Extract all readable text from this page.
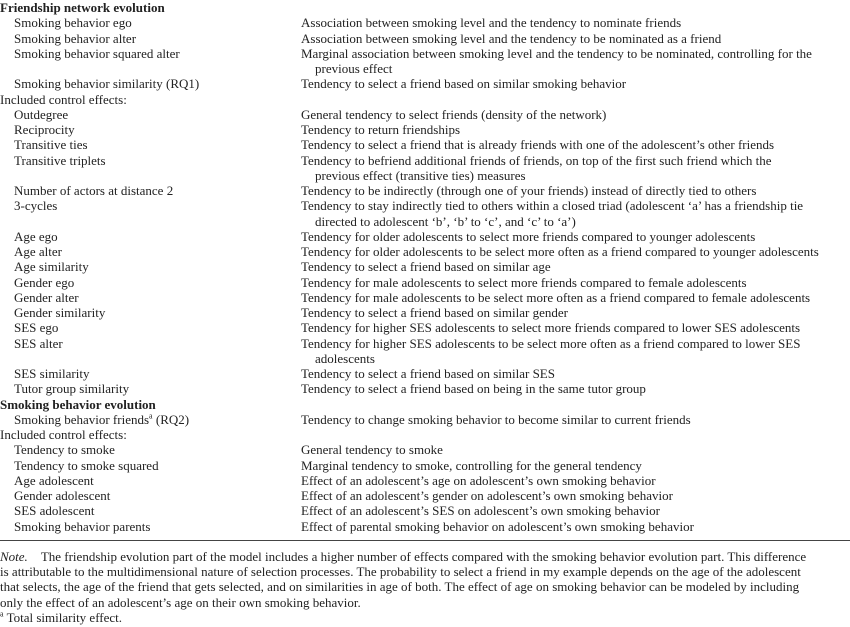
Friendship network evolution
Smoking behavior ego	Association between smoking level and the tendency to nominate friends
Smoking behavior alter	Association between smoking level and the tendency to be nominated as a friend
Smoking behavior squared alter	Marginal association between smoking level and the tendency to be nominated, controlling for the
previous effect
Smoking behavior similarity (RQ1)	Tendency to select a friend based on similar smoking behavior
Included control effects:
Outdegree	General tendency to select friends (density of the network)
Reciprocity	Tendency to return friendships
Transitive ties	Tendency to select a friend that is already friends with one of the adolescent’s other friends
Transitive triplets	Tendency to befriend additional friends of friends, on top of the first such friend which the
previous effect (transitive ties) measures
Number of actors at distance 2	Tendency to be indirectly (through one of your friends) instead of directly tied to others
3-cycles	Tendency to stay indirectly tied to others within a closed triad (adolescent ‘a’ has a friendship tie
directed to adolescent ‘b’, ‘b’ to ‘c’, and ‘c’ to ‘a’)
Age ego	Tendency for older adolescents to select more friends compared to younger adolescents
Age alter	Tendency for older adolescents to be select more often as a friend compared to younger adolescents
Age similarity	Tendency to select a friend based on similar age
Gender ego	Tendency for male adolescents to select more friends compared to female adolescents
Gender alter	Tendency for male adolescents to be select more often as a friend compared to female adolescents
Gender similarity	Tendency to select a friend based on similar gender
SES ego	Tendency for higher SES adolescents to select more friends compared to lower SES adolescents
SES alter	Tendency for higher SES adolescents to be select more often as a friend compared to lower SES
adolescents
SES similarity	Tendency to select a friend based on similar SES
Tutor group similarity	Tendency to select a friend based on being in the same tutor group
Smoking behavior evolution
Smoking behavior friends$^a$ (RQ2)	Tendency to change smoking behavior to become similar to current friends
Included control effects:
Tendency to smoke	General tendency to smoke
Tendency to smoke squared	Marginal tendency to smoke, controlling for the general tendency
Age adolescent	Effect of an adolescent’s age on adolescent’s own smoking behavior
Gender adolescent	Effect of an adolescent’s gender on adolescent’s own smoking behavior
SES adolescent	Effect of an adolescent’s SES on adolescent’s own smoking behavior
Smoking behavior parents	Effect of parental smoking behavior on adolescent’s own smoking behavior
Note. The friendship evolution part of the model includes a higher number of effects compared with the smoking behavior evolution part. This difference
is attributable to the multidimensional nature of selection processes. The probability to select a friend in my example depends on the age of the adolescent
that selects, the age of the friend that gets selected, and on similarities in age of both. The effect of age on smoking behavior can be modeled by including
only the effect of an adolescent’s age on their own smoking behavior.
$^a$ Total similarity effect.
